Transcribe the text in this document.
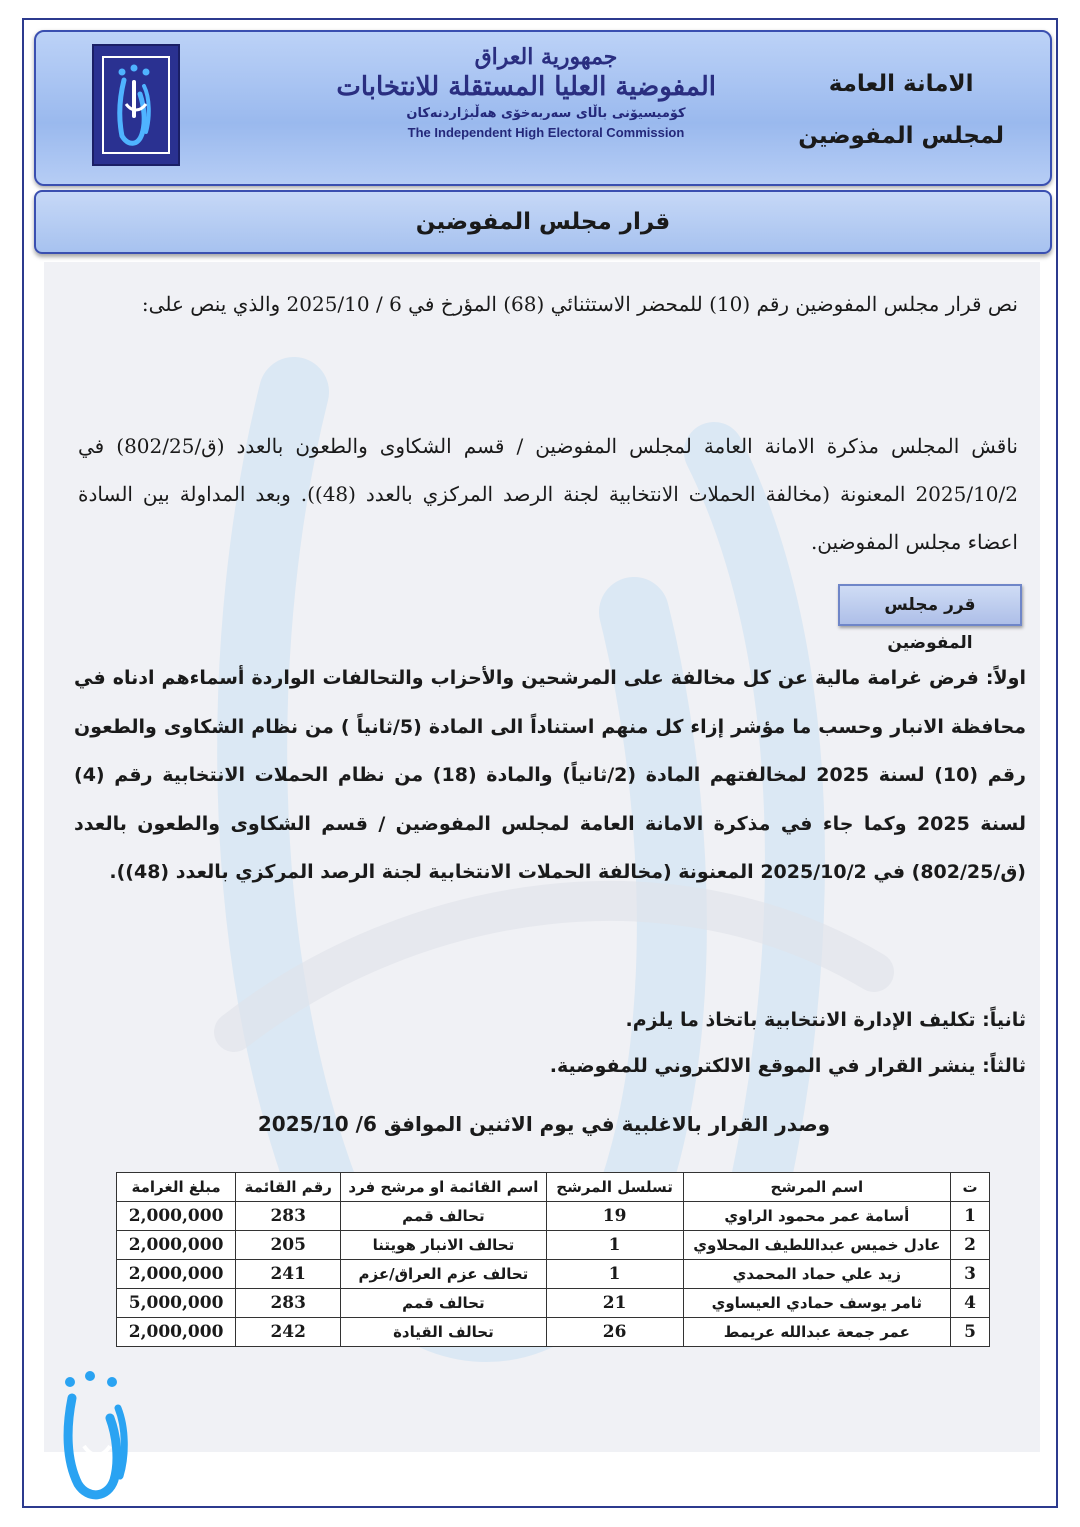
الامانة العامة
لمجلس المفوضين

جمهورية العراق

المفوضية العليا المستقلة للانتخابات

كۆمیسیۆنی باڵای سەربەخۆی هەڵبژاردنەکان
The Independent High Electoral Commission
قرار مجلس المفوضين

نص قرار مجلس المفوضين رقم (10) للمحضر الاستثنائي (68) المؤرخ في 6 / 2025/10 والذي ينص على:

ناقش المجلس مذكرة الامانة العامة لمجلس المفوضين / قسم الشكاوى والطعون بالعدد (ق/802/25) في 2025/10/2 المعنونة (مخالفة الحملات الانتخابية لجنة الرصد المركزي بالعدد (48)). وبعد المداولة بين السادة اعضاء مجلس المفوضين.

قرر مجلس المفوضين

اولاً: فرض غرامة مالية عن كل مخالفة على المرشحين والأحزاب والتحالفات الواردة أسماءهم ادناه في محافظة الانبار وحسب ما مؤشر إزاء كل منهم استناداً الى المادة (5/ثانياً ) من نظام الشكاوى والطعون رقم (10) لسنة 2025 لمخالفتهم المادة (2/ثانياً) والمادة (18) من نظام الحملات الانتخابية رقم (4) لسنة 2025 وكما جاء في مذكرة الامانة العامة لمجلس المفوضين / قسم الشكاوى والطعون بالعدد (ق/802/25) في 2025/10/2 المعنونة (مخالفة الحملات الانتخابية لجنة الرصد المركزي بالعدد (48)).

ثانياً: تكليف الإدارة الانتخابية باتخاذ ما يلزم.

ثالثاً: ينشر القرار في الموقع الالكتروني للمفوضية.

وصدر القرار بالاغلبية في يوم الاثنين الموافق 6/ 2025/10
ت	اسم المرشح	تسلسل المرشح	اسم القائمة او مرشح فرد	رقم القائمة	مبلغ الغرامة
1	أسامة عمر محمود الراوي	19	تحالف قمم	283	2,000,000
2	عادل خميس عبداللطيف المحلاوي	1	تحالف الانبار هويتنا	205	2,000,000
3	زيد علي حماد المحمدي	1	تحالف عزم العراق/عزم	241	2,000,000
4	ثامر يوسف حمادي العيساوي	21	تحالف قمم	283	5,000,000
5	عمر جمعة عبدالله عريمط	26	تحالف القيادة	242	2,000,000
